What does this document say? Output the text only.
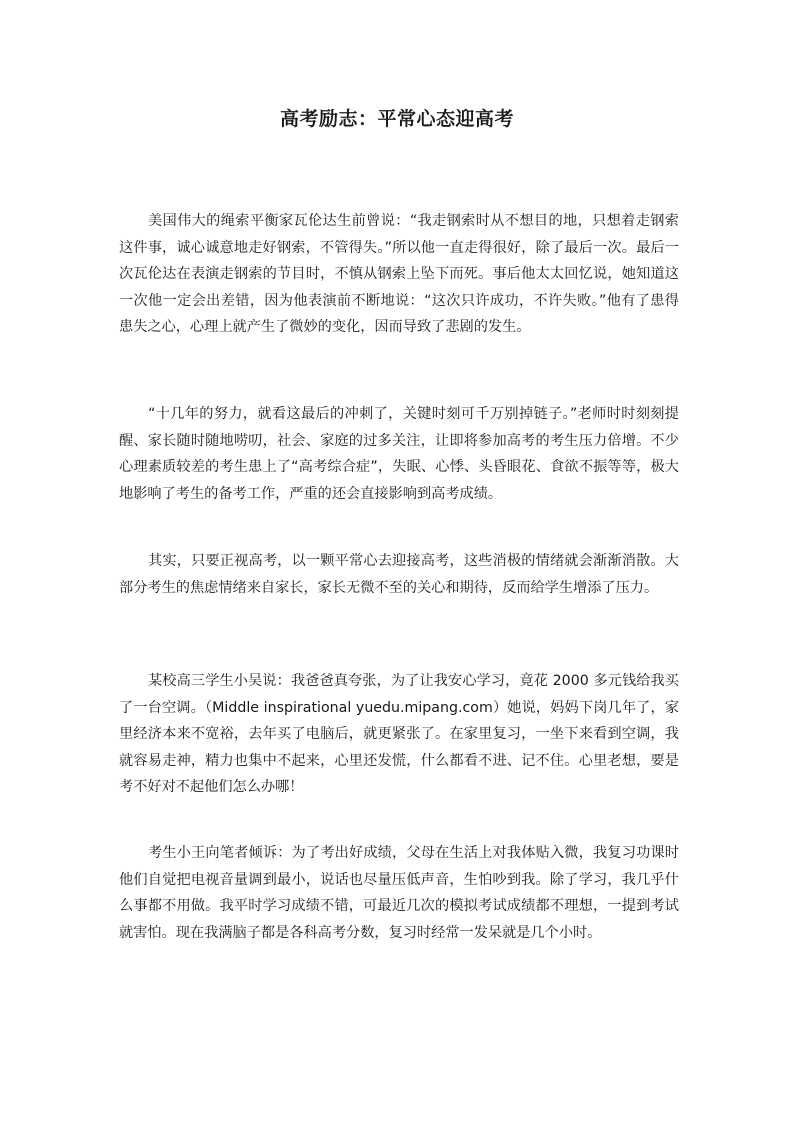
高考励志：平常心态迎高考

美国伟大的绳索平衡家瓦伦达生前曾说：“我走钢索时从不想目的地，只想着走钢索这件事，诚心诚意地走好钢索，不管得失。”所以他一直走得很好，除了最后一次。最后一次瓦伦达在表演走钢索的节目时，不慎从钢索上坠下而死。事后他太太回忆说，她知道这一次他一定会出差错，因为他表演前不断地说：“这次只许成功，不许失败。”他有了患得患失之心，心理上就产生了微妙的变化，因而导致了悲剧的发生。

“十几年的努力，就看这最后的冲刺了，关键时刻可千万别掉链子。”老师时时刻刻提醒、家长随时随地唠叨，社会、家庭的过多关注，让即将参加高考的考生压力倍增。不少心理素质较差的考生患上了“高考综合症”，失眠、心悸、头昏眼花、食欲不振等等，极大地影响了考生的备考工作，严重的还会直接影响到高考成绩。

其实，只要正视高考，以一颗平常心去迎接高考，这些消极的情绪就会渐渐消散。大部分考生的焦虑情绪来自家长，家长无微不至的关心和期待，反而给学生增添了压力。

某校高三学生小吴说：我爸爸真夸张，为了让我安心学习，竟花 2000 多元钱给我买了一台空调。（Middle inspirational yuedu.mipang.com）她说，妈妈下岗几年了，家里经济本来不宽裕，去年买了电脑后，就更紧张了。在家里复习，一坐下来看到空调，我就容易走神，精力也集中不起来，心里还发慌，什么都看不进、记不住。心里老想，要是考不好对不起他们怎么办哪！

考生小王向笔者倾诉：为了考出好成绩，父母在生活上对我体贴入微，我复习功课时他们自觉把电视音量调到最小，说话也尽量压低声音，生怕吵到我。除了学习，我几乎什么事都不用做。我平时学习成绩不错，可最近几次的模拟考试成绩都不理想，一提到考试就害怕。现在我满脑子都是各科高考分数，复习时经常一发呆就是几个小时。
